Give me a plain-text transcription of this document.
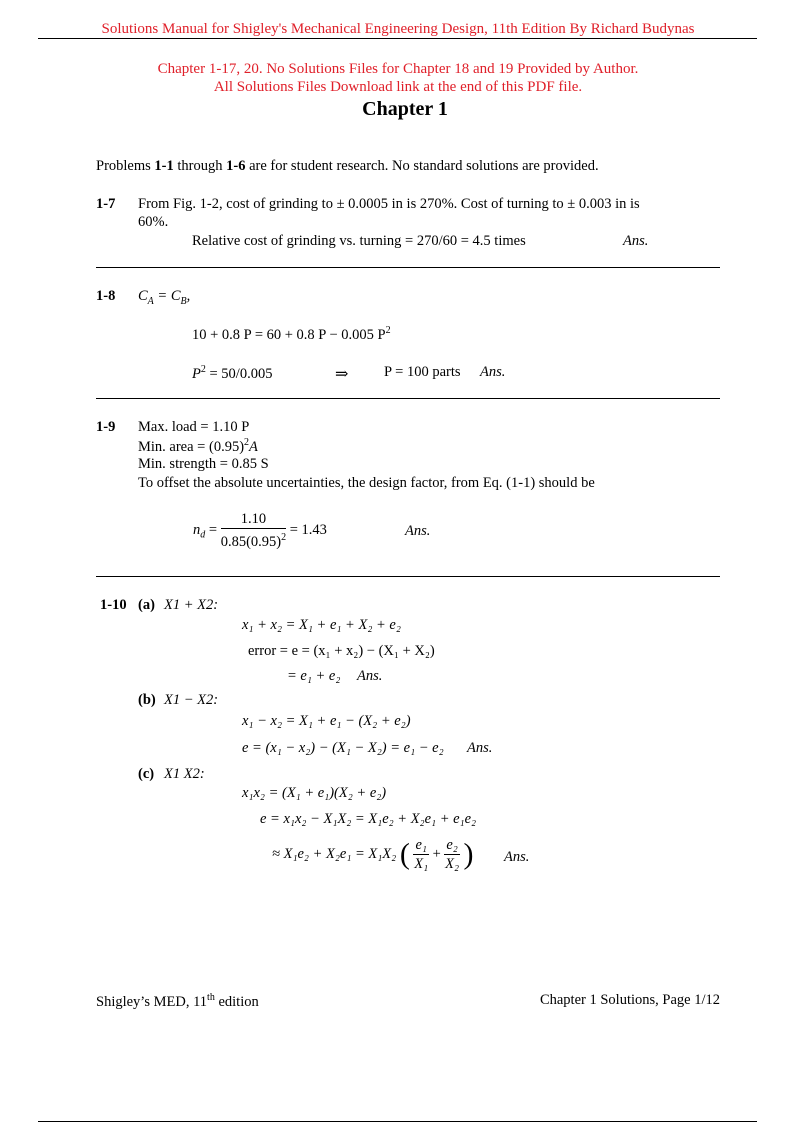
Solutions Manual for Shigley's Mechanical Engineering Design, 11th Edition By Richard Budynas
Chapter 1-17, 20. No Solutions Files for Chapter 18 and 19 Provided by Author.
All Solutions Files Download link at the end of this PDF file.
Chapter 1
Problems 1-1 through 1-6 are for student research. No standard solutions are provided.
1-7 From Fig. 1-2, cost of grinding to ± 0.0005 in is 270%. Cost of turning to ± 0.003 in is
60%.
Relative cost of grinding vs. turning = 270/60 = 4.5 times	Ans.
1-8 $C_A = C_B$,
10 + 0.8 P = 60 + 0.8 P − 0.005 $P^2$
$P^2 = 50/0.005$	⇒ P = 100 parts Ans.
1-9 Max. load = 1.10 P
Min. area = $(0.95)^2A$
Min. strength = 0.85 S
To offset the absolute uncertainties, the design factor, from Eq. (1-1) should be
$n_d = \frac{1.10}{0.85(0.95)^2} = 1.43$	Ans.
1-10 (a) X1 + X2:
x₁ + x₂ = X₁ + e₁ + X₂ + e₂
error = e = (x₁ + x₂) − (X₁ + X₂)
= e₁ + e₂ Ans.
(b) X1 − X2:
x₁ − x₂ = X₁ + e₁ − (X₂ + e₂)
e = (x₁ − x₂) − (X₁ − X₂) = e₁ − e₂ Ans.
(c) X1 X2:
x₁x₂ = (X₁ + e₁)(X₂ + e₂)
e = x₁x₂ − X₁X₂ = X₁e₂ + X₂e₁ + e₁e₂
≈ X₁e₂ + X₂e₁ = X₁X₂ ( $\frac{\text{e₁}}{\text{X₁}} + \frac{\text{e₂}}{\text{X₂}}$ ) Ans.
Shigley’s MED, 11th edition	Chapter 1 Solutions, Page 1/12
